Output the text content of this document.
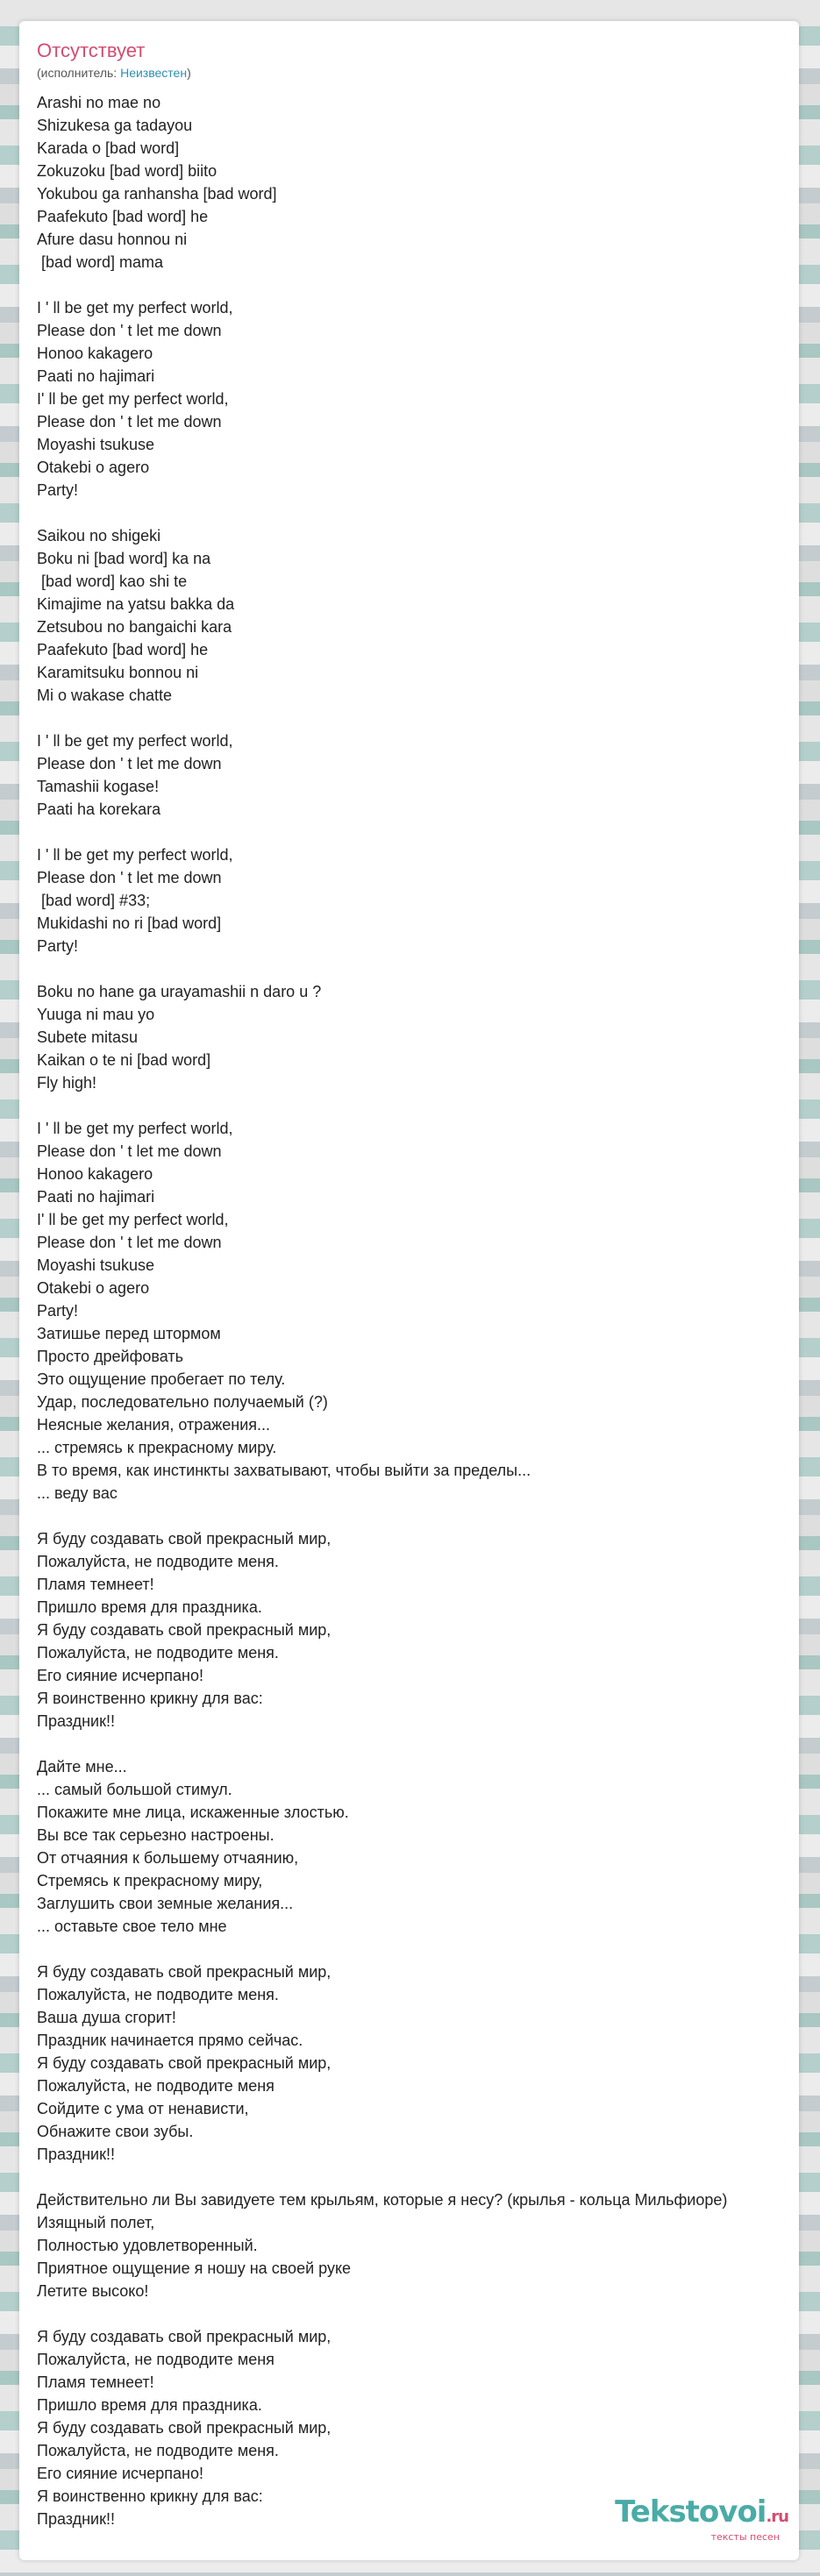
Отсутствует
(исполнитель: Неизвестен)
Arashi no mae no
Shizukesa ga tadayou
Karada o [bad word]
Zokuzoku [bad word] biito
Yokubou ga ranhansha [bad word]
Paafekuto [bad word] he
Afure dasu honnou ni
[bad word] mama
I ' ll be get my perfect world,
Please don ' t let me down
Honoo kakagero
Paati no hajimari
I' ll be get my perfect world,
Please don ' t let me down
Moyashi tsukuse
Otakebi o agero
Party!
Saikou no shigeki
Boku ni [bad word] ka na
[bad word] kao shi te
Kimajime na yatsu bakka da
Zetsubou no bangaichi kara
Paafekuto [bad word] he
Karamitsuku bonnou ni
Mi o wakase chatte
I ' ll be get my perfect world,
Please don ' t let me down
Tamashii kogase!
Paati ha korekara
I ' ll be get my perfect world,
Please don ' t let me down
[bad word] #33;
Mukidashi no ri [bad word]
Party!
Boku no hane ga urayamashii n daro u ?
Yuuga ni mau yo
Subete mitasu
Kaikan o te ni [bad word]
Fly high!
I ' ll be get my perfect world,
Please don ' t let me down
Honoo kakagero
Paati no hajimari
I' ll be get my perfect world,
Please don ' t let me down
Moyashi tsukuse
Otakebi o agero
Party!
Затишье перед штормом
Просто дрейфовать
Это ощущение пробегает по телу.
Удар, последовательно получаемый (?)
Неясные желания, отражения...
... стремясь к прекрасному миру.
В то время, как инстинкты захватывают, чтобы выйти за пределы...
... веду вас
Я буду создавать свой прекрасный мир,
Пожалуйста, не подводите меня.
Пламя темнеет!
Пришло время для праздника.
Я буду создавать свой прекрасный мир,
Пожалуйста, не подводите меня.
Его сияние исчерпано!
Я воинственно крикну для вас:
Праздник!!
Дайте мне...
... самый большой стимул.
Покажите мне лица, искаженные злостью.
Вы все так серьезно настроены.
От отчаяния к большему отчаянию,
Стремясь к прекрасному миру,
Заглушить свои земные желания...
... оставьте свое тело мне
Я буду создавать свой прекрасный мир,
Пожалуйста, не подводите меня.
Ваша душа сгорит!
Праздник начинается прямо сейчас.
Я буду создавать свой прекрасный мир,
Пожалуйста, не подводите меня
Сойдите с ума от ненависти,
Обнажите свои зубы.
Праздник!!
Действительно ли Вы завидуете тем крыльям, которые я несу? (крылья - кольца Мильфиоре)
Изящный полет,
Полностью удовлетворенный.
Приятное ощущение я ношу на своей руке
Летите высоко!
Я буду создавать свой прекрасный мир,
Пожалуйста, не подводите меня
Пламя темнеет!
Пришло время для праздника.
Я буду создавать свой прекрасный мир,
Пожалуйста, не подводите меня.
Его сияние исчерпано!
Я воинственно крикну для вас:
Праздник!!	Tekstovoi.ru
тексты песен
